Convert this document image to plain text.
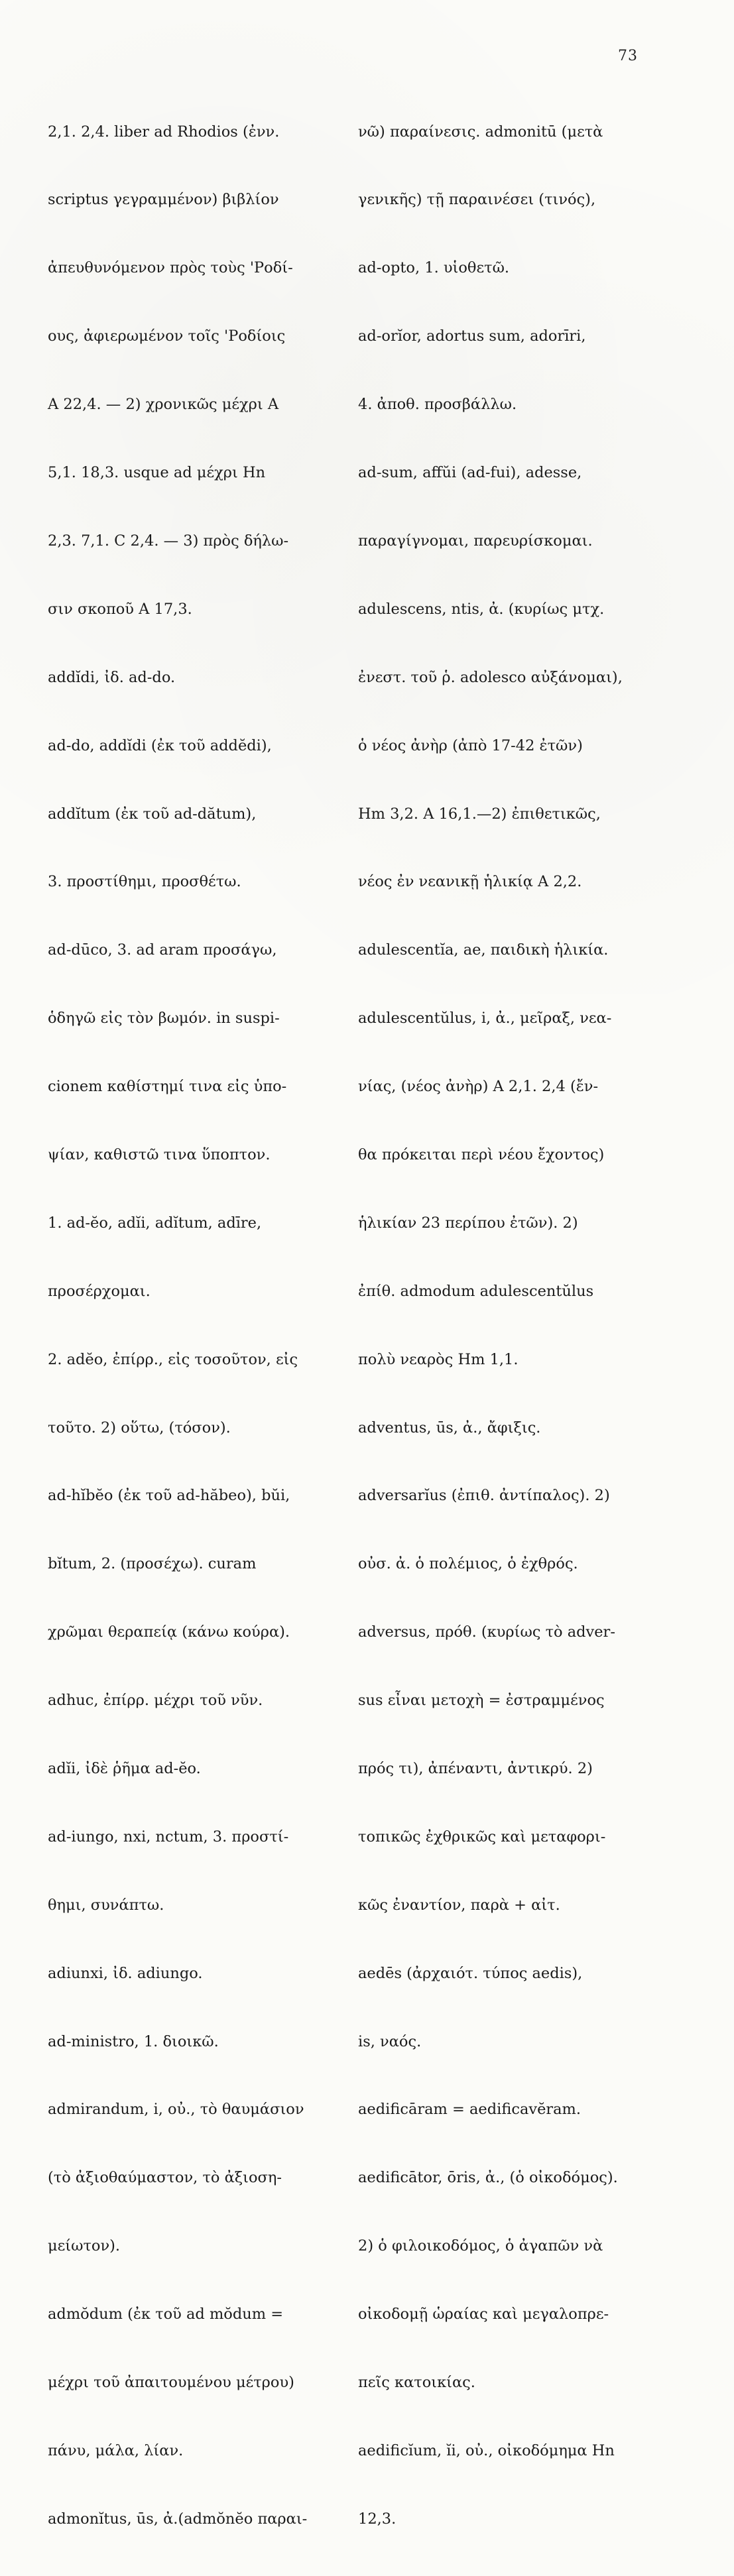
73

2,1. 2,4. liber ad Rhodios (ἐνν.

scriptus γεγραμμένον) βιβλίον

ἀπευθυνόμενον πρὸς τοὺς 'Ροδί-

ους, ἀφιερωμένον τοῖς 'Ροδίοις

A 22,4. — 2) χρονικῶς μέχρι A

5,1. 18,3. usque ad μέχρι Hn

2,3. 7,1. C 2,4. — 3) πρὸς δήλω-

σιν σκοποῦ A 17,3.

addĭdi, ἰδ. ad-do.

ad-do, addĭdi (ἐκ τοῦ addĕdi),

addĭtum (ἐκ τοῦ ad-dătum),

3. προστίθημι, προσθέτω.

ad-dūco, 3. ad aram προσάγω,

ὁδηγῶ εἰς τὸν βωμόν. in suspi-

cionem καθίστημί τινα εἰς ὑπο-

ψίαν, καθιστῶ τινα ὕποπτον.

1. ad-ĕo, adĭi, adĭtum, adīre,

προσέρχομαι.

2. adĕo, ἐπίρρ., εἰς τοσοῦτον, εἰς

τοῦτο. 2) οὕτω, (τόσον).

ad-hĭbĕo (ἐκ τοῦ ad-hăbeo), bŭi,

bĭtum, 2. (προσέχω). curam

χρῶμαι θεραπείᾳ (κάνω κούρα).

adhuc, ἐπίρρ. μέχρι τοῦ νῦν.

adĭi, ἰδὲ ῥῆμα ad-ĕo.

ad-iungo, nxi, nctum, 3. προστί-

θημι, συνάπτω.

adiunxi, ἰδ. adiungo.

ad-ministro, 1. διοικῶ.

admirandum, i, οὐ., τὸ θαυμάσιον

(τὸ ἀξιοθαύμαστον, τὸ ἀξιοση-

μείωτον).

admŏdum (ἐκ τοῦ ad mŏdum =

μέχρι τοῦ ἀπαιτουμένου μέτρου)

πάνυ, μάλα, λίαν.

admonĭtus, ūs, ἀ.(admŏnĕo παραι-

νῶ) παραίνεσις. admonitū (μετὰ

γενικῆς) τῇ παραινέσει (τινός),

ad-opto, 1. υἱοθετῶ.

ad-orĭor, adortus sum, adorīri,

4. ἀποθ. προσβάλλω.

ad-sum, affŭi (ad-fui), adesse,

παραγίγνομαι, παρευρίσκομαι.

adulescens, ntis, ἀ. (κυρίως μτχ.

ἐνεστ. τοῦ ῥ. adolesco αὐξάνομαι),

ὁ νέος ἀνὴρ (ἀπὸ 17-42 ἐτῶν)

Hm 3,2. A 16,1.—2) ἐπιθετικῶς,

νέος ἐν νεανικῇ ἡλικίᾳ A 2,2.

adulescentĭa, ae, παιδικὴ ἡλικία.

adulescentŭlus, i, ἀ., μεῖραξ, νεα-

νίας, (νέος ἀνὴρ) A 2,1. 2,4 (ἔν-

θα πρόκειται περὶ νέου ἔχοντος)

ἡλικίαν 23 περίπου ἐτῶν). 2)

ἐπίθ. admodum adulescentŭlus

πολὺ νεαρὸς Hm 1,1.

adventus, ūs, ἀ., ἄφιξις.

adversarĭus (ἐπιθ. ἀντίπαλος). 2)

οὐσ. ἀ. ὁ πολέμιος, ὁ ἐχθρός.

adversus, πρόθ. (κυρίως τὸ adver-

sus εἶναι μετοχὴ = ἐστραμμένος

πρός τι), ἀπέναντι, ἀντικρύ. 2)

τοπικῶς ἐχθρικῶς καὶ μεταφορι-

κῶς ἐναντίον, παρὰ + αἰτ.

aedēs (ἀρχαιότ. τύπος aedis),

is, ναός.

aedificāram = aedificavĕram.

aedificātor, ōris, ἀ., (ὁ οἰκοδόμος).

2) ὁ φιλοικοδόμος, ὁ ἀγαπῶν νὰ

οἰκοδομῇ ὡραίας καὶ μεγαλοπρε-

πεῖς κατοικίας.

aedificĭum, ĭi, οὐ., οἰκοδόμημα Hn

12,3.
